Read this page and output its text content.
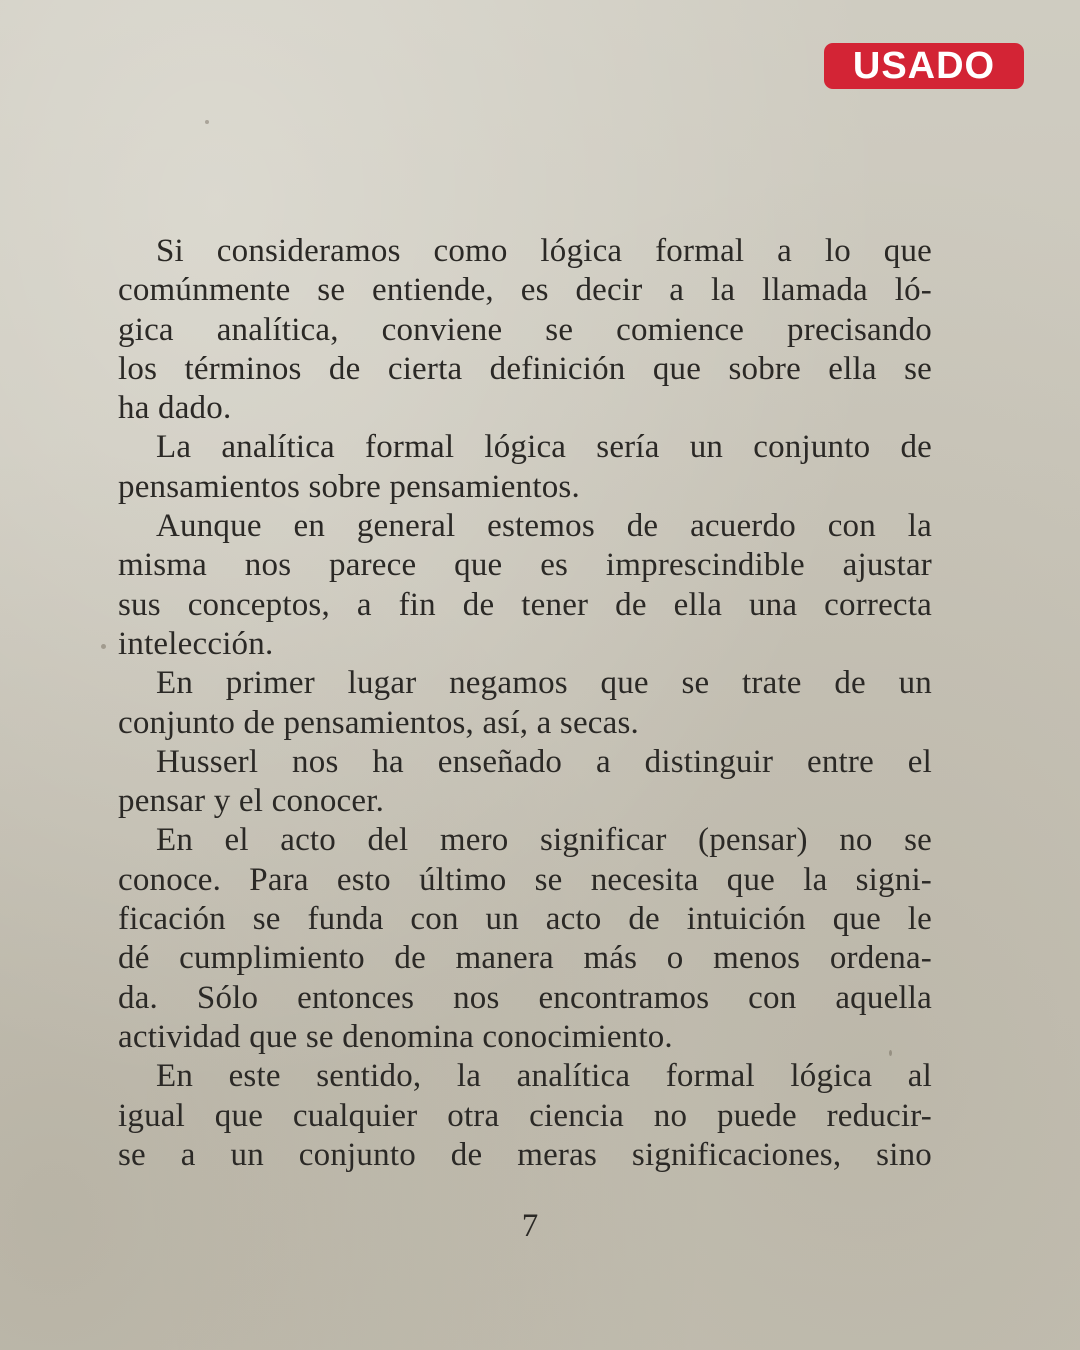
USADO
Si consideramos como lógica formal a lo que
comúnmente se entiende, es decir a la llamada ló-
gica analítica, conviene se comience precisando
los términos de cierta definición que sobre ella se
ha dado.
La analítica formal lógica sería un conjunto de
pensamientos sobre pensamientos.
Aunque en general estemos de acuerdo con la
misma nos parece que es imprescindible ajustar
sus conceptos, a fin de tener de ella una correcta
intelección.
En primer lugar negamos que se trate de un
conjunto de pensamientos, así, a secas.
Husserl nos ha enseñado a distinguir entre el
pensar y el conocer.
En el acto del mero significar (pensar) no se
conoce. Para esto último se necesita que la signi-
ficación se funda con un acto de intuición que le
dé cumplimiento de manera más o menos ordena-
da. Sólo entonces nos encontramos con aquella
actividad que se denomina conocimiento.
En este sentido, la analítica formal lógica al
igual que cualquier otra ciencia no puede reducir-
se a un conjunto de meras significaciones, sino
7
